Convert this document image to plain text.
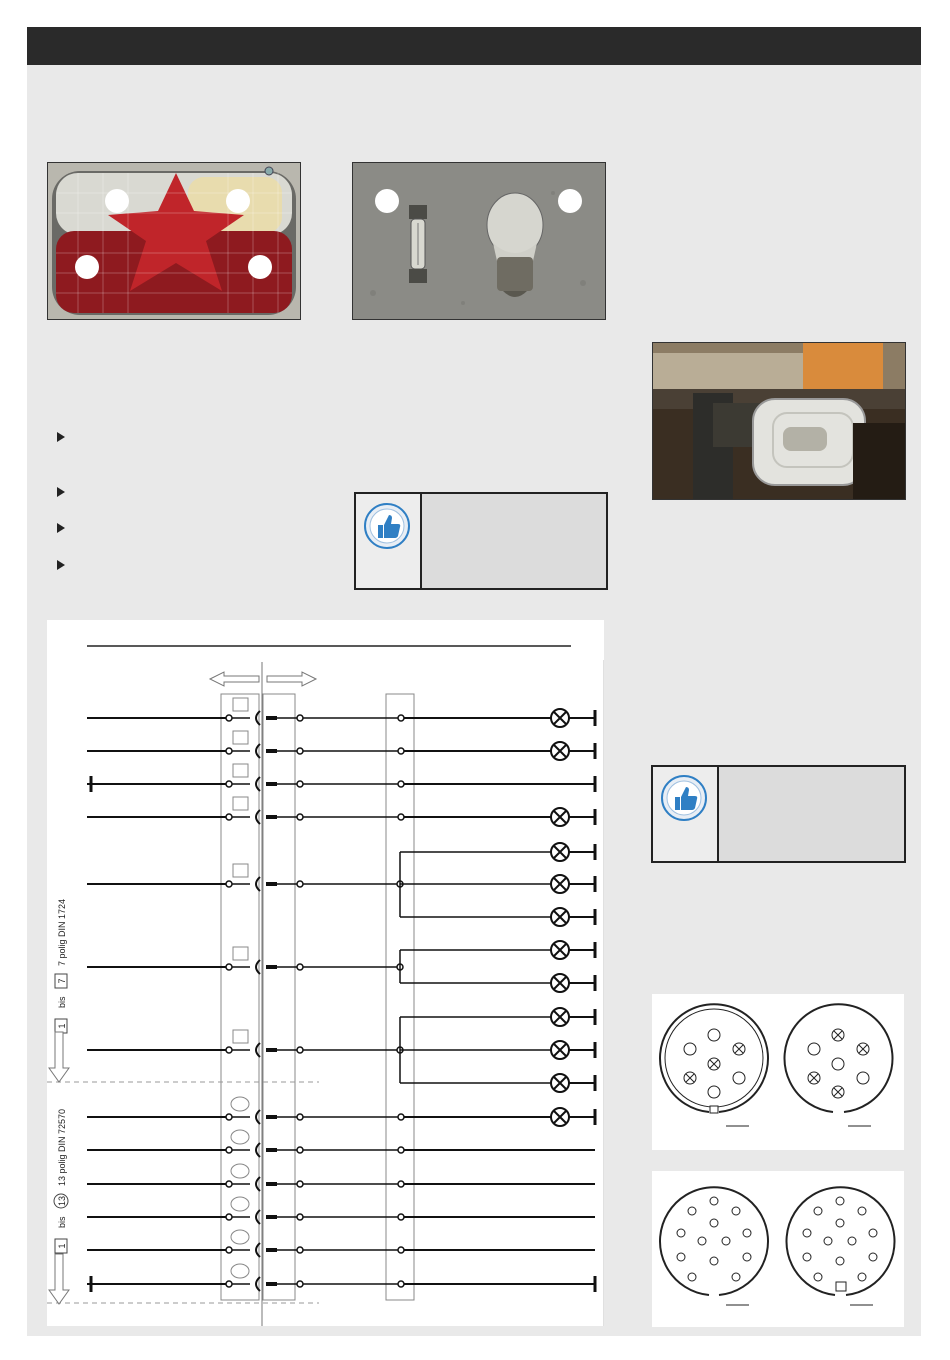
1
bis
7
7 polig DIN 1724
1
bis
13
13 polig DIN 72570
